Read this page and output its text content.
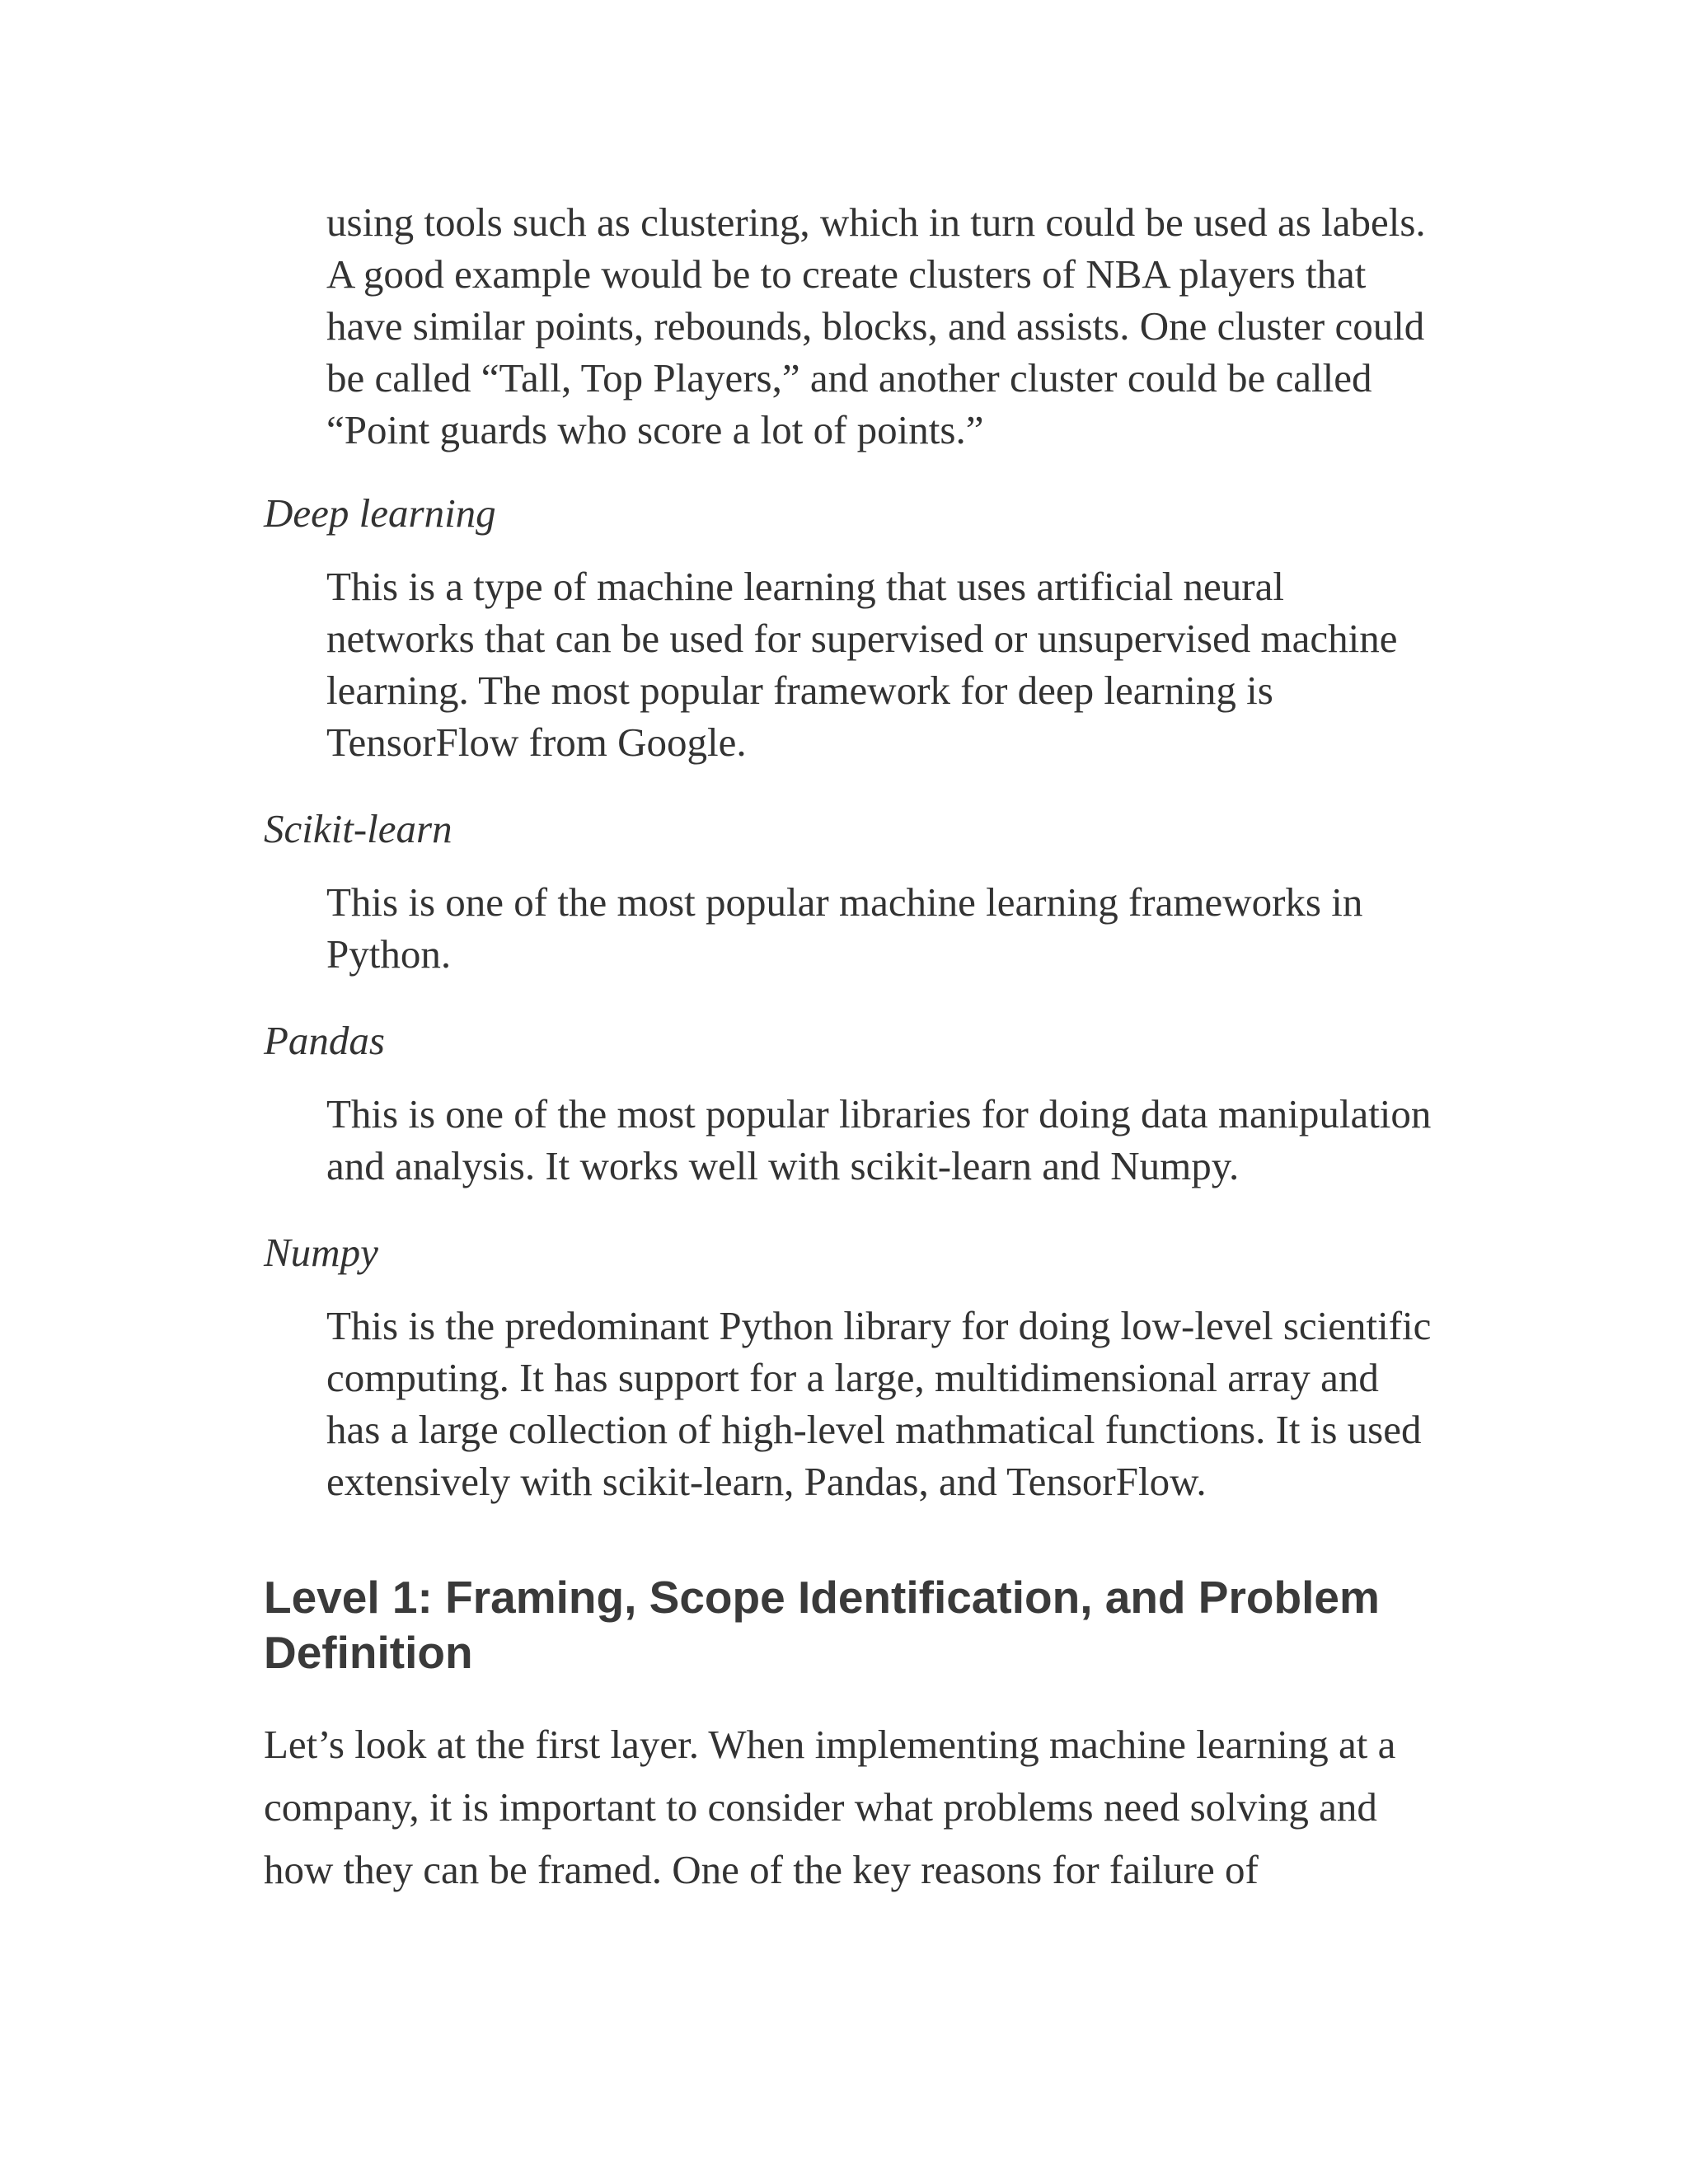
using tools such as clustering, which in turn could be used as labels. A good example would be to create clusters of NBA players that have similar points, rebounds, blocks, and assists. One cluster could be called “Tall, Top Players,” and another cluster could be called “Point guards who score a lot of points.”

Deep learning

This is a type of machine learning that uses artificial neural networks that can be used for supervised or unsupervised machine learning. The most popular framework for deep learning is TensorFlow from Google.

Scikit-learn

This is one of the most popular machine learning frameworks in Python.

Pandas

This is one of the most popular libraries for doing data manipulation and analysis. It works well with scikit-learn and Numpy.

Numpy

This is the predominant Python library for doing low-level scientific computing. It has support for a large, multidimensional array and has a large collection of high-level mathmatical functions. It is used extensively with scikit-learn, Pandas, and TensorFlow.

Level 1: Framing, Scope Identification, and Problem Definition

Let’s look at the first layer. When implementing machine learning at a company, it is important to consider what problems need solving and how they can be framed. One of the key reasons for failure of
